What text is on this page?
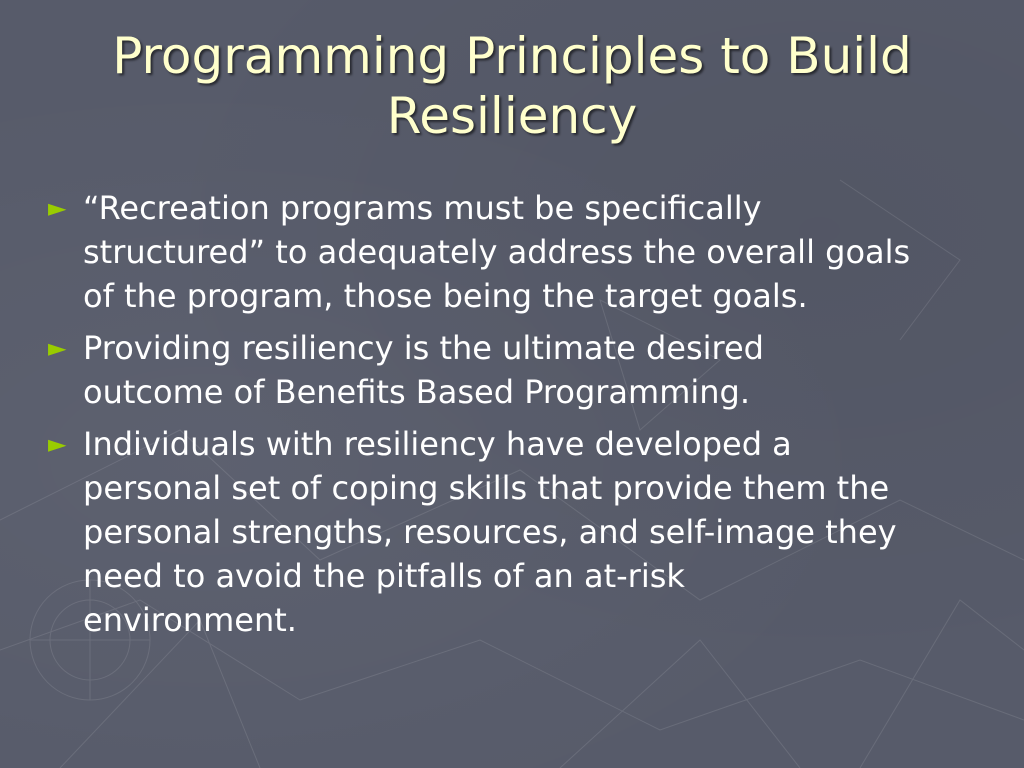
Programming Principles to Build
Resiliency
► “Recreation programs must be specifically
structured” to adequately address the overall goals
of the program, those being the target goals.
► Providing resiliency is the ultimate desired
outcome of Benefits Based Programming.
► Individuals with resiliency have developed a
personal set of coping skills that provide them the
personal strengths, resources, and self-image they
need to avoid the pitfalls of an at-risk
environment.
